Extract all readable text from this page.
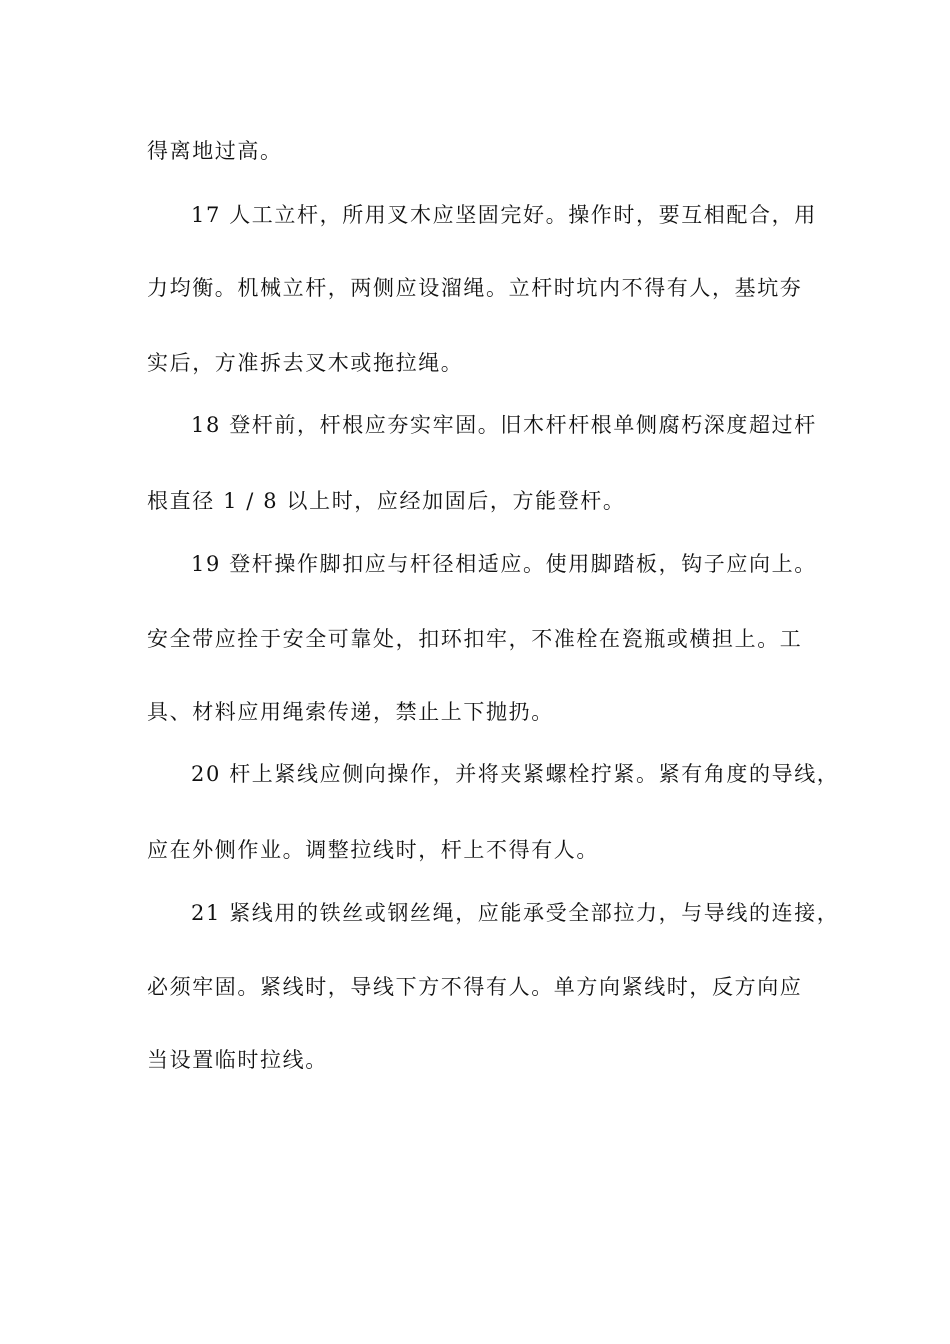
得离地过高。
17 人工立杆，所用叉木应坚固完好。操作时，要互相配合，用
力均衡。机械立杆，两侧应设溜绳。立杆时坑内不得有人，基坑夯
实后，方准拆去叉木或拖拉绳。
18 登杆前，杆根应夯实牢固。旧木杆杆根单侧腐朽深度超过杆
根直径 1 / 8 以上时，应经加固后，方能登杆。
19 登杆操作脚扣应与杆径相适应。使用脚踏板，钩子应向上。
安全带应拴于安全可靠处，扣环扣牢，不准栓在瓷瓶或横担上。工
具、材料应用绳索传递，禁止上下抛扔。
20 杆上紧线应侧向操作，并将夹紧螺栓拧紧。紧有角度的导线，
应在外侧作业。调整拉线时，杆上不得有人。
21 紧线用的铁丝或钢丝绳，应能承受全部拉力，与导线的连接，
必须牢固。紧线时，导线下方不得有人。单方向紧线时，反方向应
当设置临时拉线。
